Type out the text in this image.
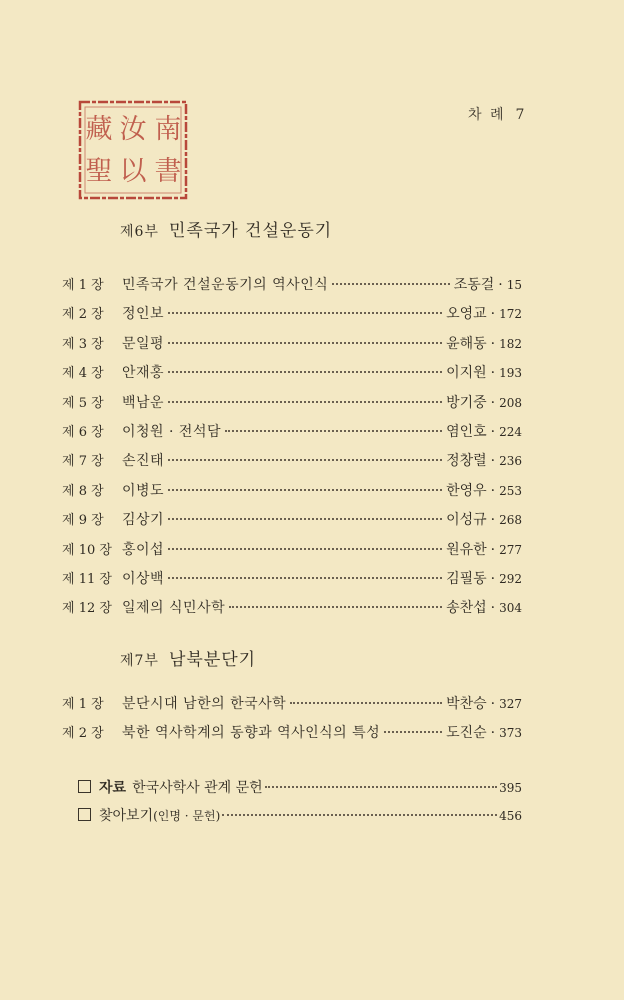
南
汝
藏
書
以
聖
차 례 7
제6부 민족국가 건설운동기
제 1 장	민족국가 건설운동기의 역사인식	조동걸 · 15
제 2 장	정인보	오영교 · 172
제 3 장	문일평	윤해동 · 182
제 4 장	안재홍	이지원 · 193
제 5 장	백남운	방기중 · 208
제 6 장	이청원 · 전석담	염인호 · 224
제 7 장	손진태	정창렬 · 236
제 8 장	이병도	한영우 · 253
제 9 장	김상기	이성규 · 268
제 10 장 홍이섭	원유한 · 277
제 11 장 이상백	김필동 · 292
제 12 장 일제의 식민사학	송찬섭 · 304
제7부 남북분단기
제 1 장	분단시대 남한의 한국사학	박찬승 · 327
제 2 장	북한 역사학계의 동향과 역사인식의 특성	도진순 · 373
자료 한국사학사 관계 문헌	395
찾아보기(인명 · 문헌)	456
